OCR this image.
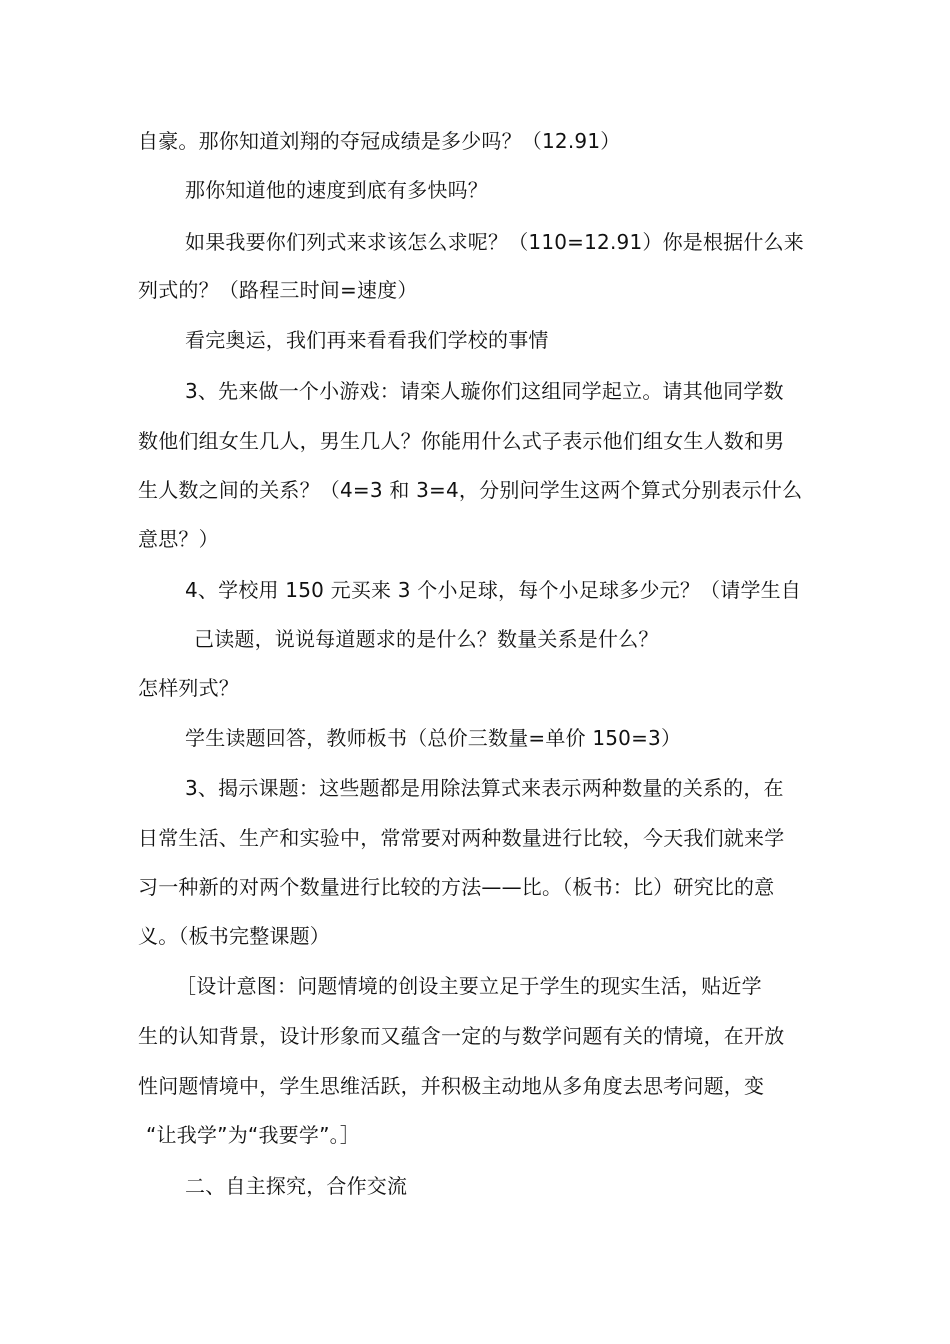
自豪。那你知道刘翔的夺冠成绩是多少吗？（12.91）
那你知道他的速度到底有多快吗？
如果我要你们列式来求该怎么求呢？（110=12.91）你是根据什么来
列式的？（路程三时间=速度）
看完奥运，我们再来看看我们学校的事情
3、先来做一个小游戏：请栾人璇你们这组同学起立。请其他同学数
数他们组女生几人，男生几人？你能用什么式子表示他们组女生人数和男
生人数之间的关系？（4=3 和 3=4，分别问学生这两个算式分别表示什么
意思？）
4、学校用 150 元买来 3 个小足球，每个小足球多少元？（请学生自
己读题，说说每道题求的是什么？数量关系是什么？
怎样列式？
学生读题回答，教师板书（总价三数量=单价 150=3）
3、揭示课题：这些题都是用除法算式来表示两种数量的关系的，在
日常生活、生产和实验中，常常要对两种数量进行比较，今天我们就来学
习一种新的对两个数量进行比较的方法——比。（板书：比）研究比的意
义。（板书完整课题）
［设计意图：问题情境的创设主要立足于学生的现实生活，贴近学
生的认知背景，设计形象而又蕴含一定的与数学问题有关的情境，在开放
性问题情境中，学生思维活跃，并积极主动地从多角度去思考问题，变
“让我学”为“我要学”。］
二、自主探究，合作交流
